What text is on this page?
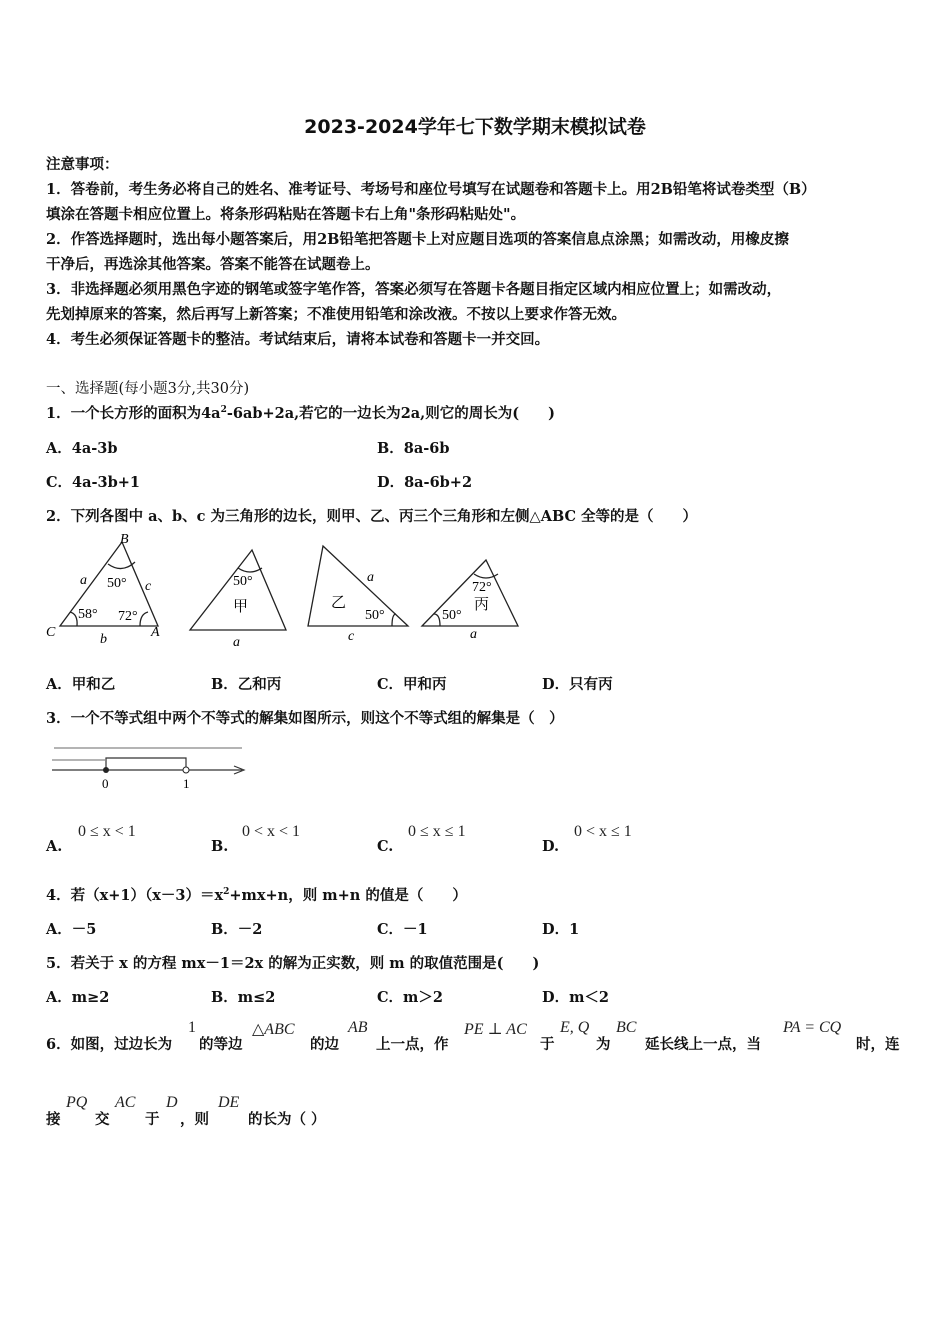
2023-2024学年七下数学期末模拟试卷
注意事项：
1．答卷前，考生务必将自己的姓名、准考证号、考场号和座位号填写在试题卷和答题卡上。用2B铅笔将试卷类型（B）
填涂在答题卡相应位置上。将条形码粘贴在答题卡右上角"条形码粘贴处"。
2．作答选择题时，选出每小题答案后，用2B铅笔把答题卡上对应题目选项的答案信息点涂黑；如需改动，用橡皮擦
干净后，再选涂其他答案。答案不能答在试题卷上。
3．非选择题必须用黑色字迹的钢笔或签字笔作答，答案必须写在答题卡各题目指定区域内相应位置上；如需改动，
先划掉原来的答案，然后再写上新答案；不准使用铅笔和涂改液。不按以上要求作答无效。
4．考生必须保证答题卡的整洁。考试结束后，请将本试卷和答题卡一并交回。
一、选择题(每小题3分,共30分)
1．一个长方形的面积为$4a^2-6ab+2a$,若它的一边长为2a,则它的周长为(　　)
A．4a-3b	B．8a-6b
C．4a-3b+1	D．8a-6b+2
2．下列各图中 a、b、c 为三角形的边长，则甲、乙、丙三个三角形和左侧△ABC 全等的是（　　）
B
C	A
a	c
b
50°
58° 72°
50°
甲
a
乙
a
50°
c
72°
丙
50°
a
A．甲和乙	B．乙和丙	C．甲和丙	D．只有丙
3．一个不等式组中两个不等式的解集如图所示，则这个不等式组的解集是（　）
0	1
A.
0 ≤ x < 1
B.
0 < x < 1
C.
0 ≤ x ≤ 1
D.
0 < x ≤ 1
4．若$(x+1)(x-3)=x^2+mx+n$，则 m+n 的值是（　　）
A．－5	B．－2	C．－1	D．1
5．若关于 x 的方程 mx－1＝2x 的解为正实数，则 m 的取值范围是(　　)
A．m≥2	B．m≤2	C．m＞2	D．m＜2
6．如图，过边长为
1
的等边
△ABC
的边
AB
上一点，作
PE ⊥ AC
于
E, Q
为
BC
延长线上一点，当
PA = CQ
时，连
接
PQ
交
AC
于
D
，则
DE
的长为（ ）
